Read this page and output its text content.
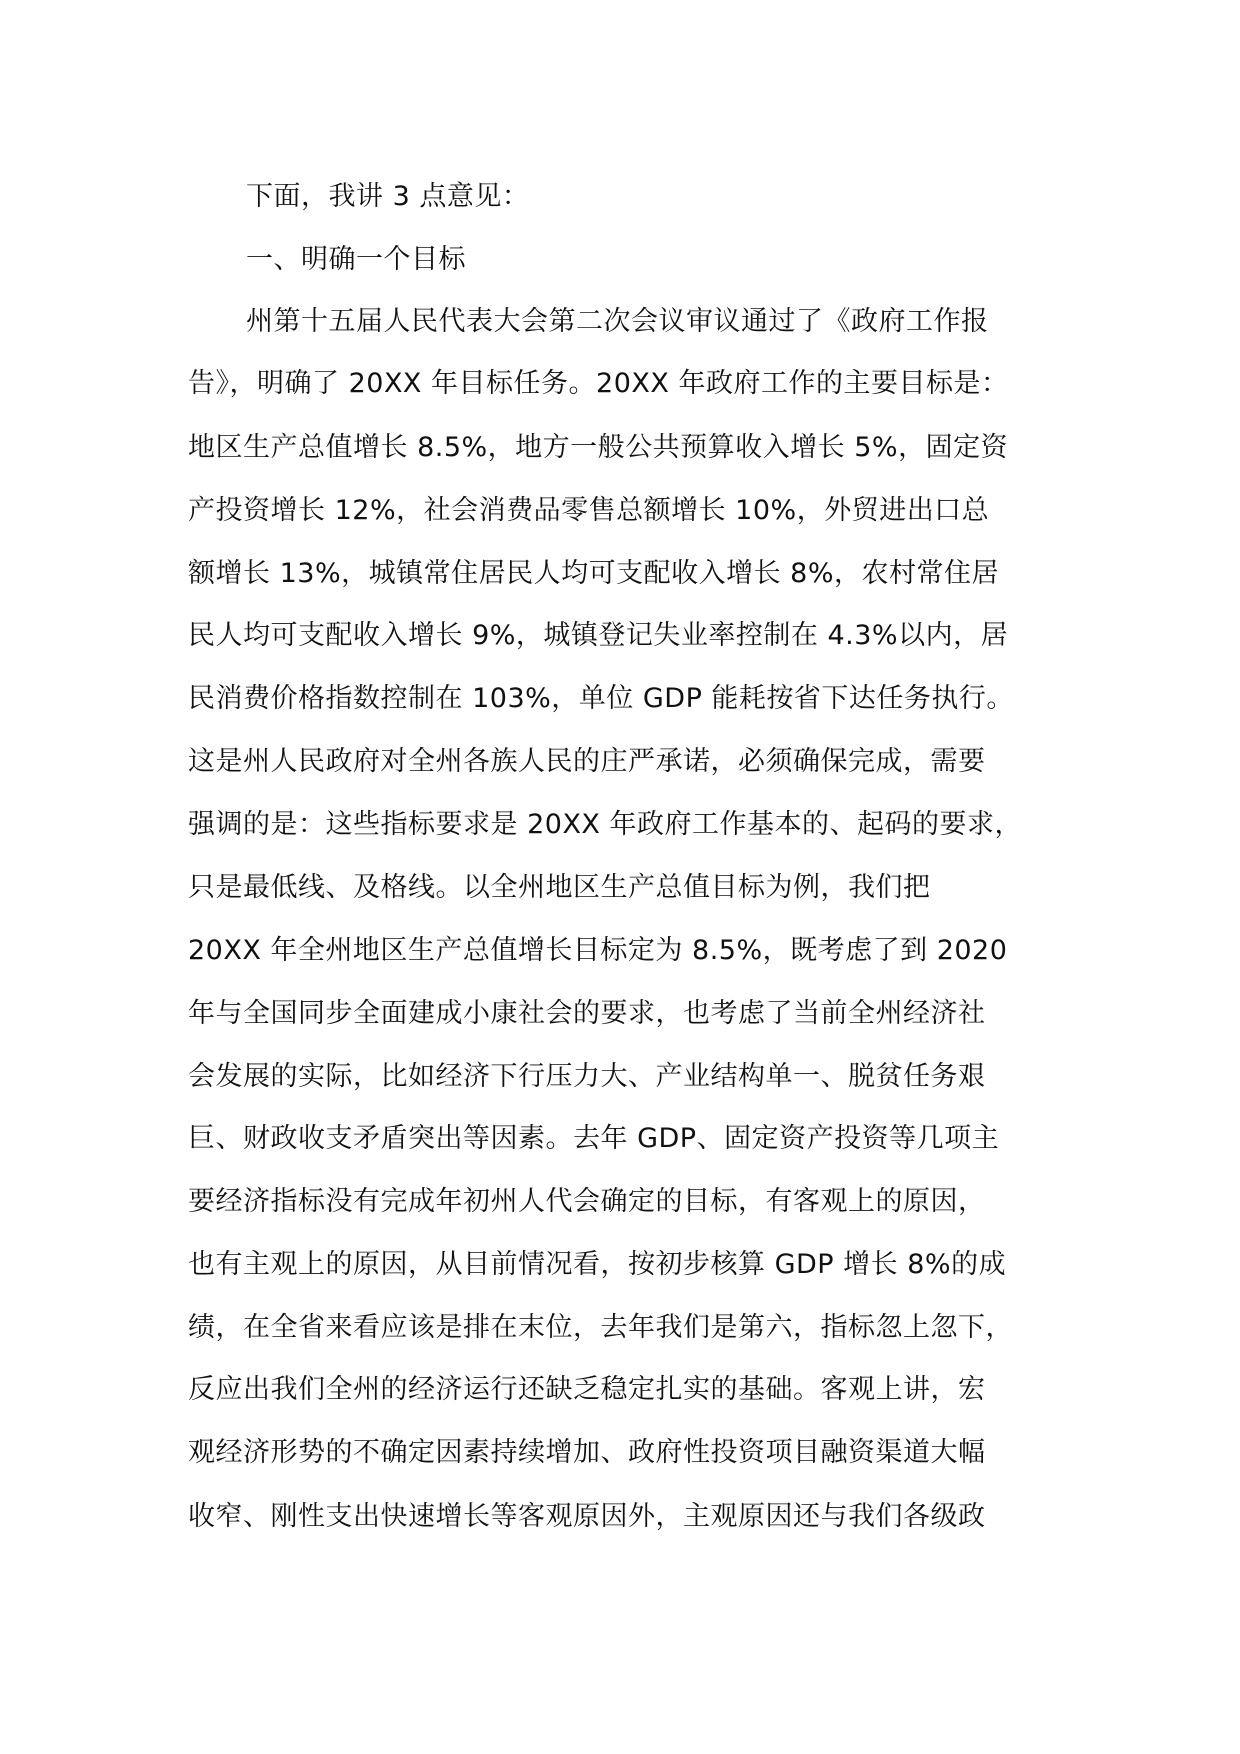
下面，我讲 3 点意见：
一、明确一个目标
州第十五届人民代表大会第二次会议审议通过了《政府工作报
告》，明确了 20XX 年目标任务。20XX 年政府工作的主要目标是：
地区生产总值增长 8.5%，地方一般公共预算收入增长 5%，固定资
产投资增长 12%，社会消费品零售总额增长 10%，外贸进出口总
额增长 13%，城镇常住居民人均可支配收入增长 8%，农村常住居
民人均可支配收入增长 9%，城镇登记失业率控制在 4.3%以内，居
民消费价格指数控制在 103%，单位 GDP 能耗按省下达任务执行。
这是州人民政府对全州各族人民的庄严承诺，必须确保完成，需要
强调的是：这些指标要求是 20XX 年政府工作基本的、起码的要求，
只是最低线、及格线。以全州地区生产总值目标为例，我们把
20XX 年全州地区生产总值增长目标定为 8.5%，既考虑了到 2020
年与全国同步全面建成小康社会的要求，也考虑了当前全州经济社
会发展的实际，比如经济下行压力大、产业结构单一、脱贫任务艰
巨、财政收支矛盾突出等因素。去年 GDP、固定资产投资等几项主
要经济指标没有完成年初州人代会确定的目标，有客观上的原因，
也有主观上的原因，从目前情况看，按初步核算 GDP 增长 8%的成
绩，在全省来看应该是排在末位，去年我们是第六，指标忽上忽下，
反应出我们全州的经济运行还缺乏稳定扎实的基础。客观上讲，宏
观经济形势的不确定因素持续增加、政府性投资项目融资渠道大幅
收窄、刚性支出快速增长等客观原因外，主观原因还与我们各级政
